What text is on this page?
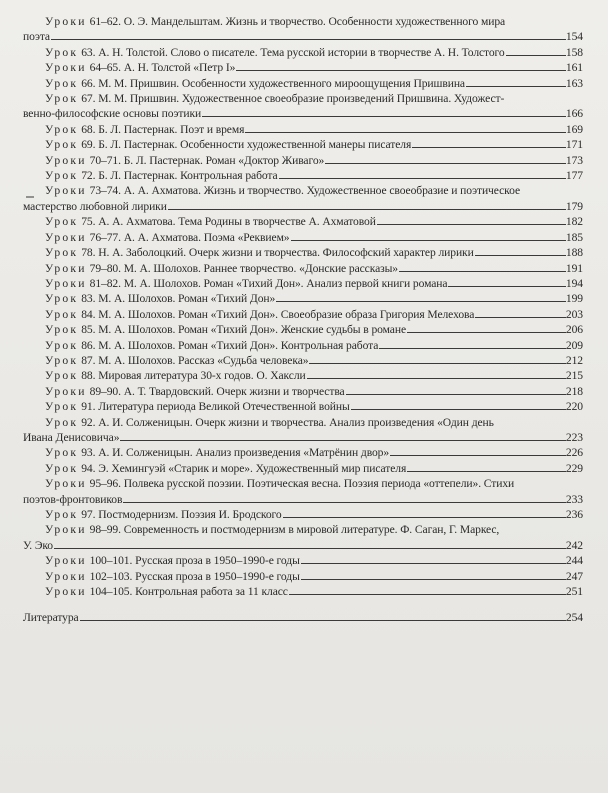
Уроки 61–62. О. Э. Мандельштам. Жизнь и творчество. Особенности художественного мира
поэта	154
Урок 63. А. Н. Толстой. Слово о писателе. Тема русской истории в творчестве А. Н. Толстого	158
Уроки 64–65. А. Н. Толстой «Петр I»	161
Урок 66. М. М. Пришвин. Особенности художественного мироощущения Пришвина	163
Урок 67. М. М. Пришвин. Художественное своеобразие произведений Пришвина. Художест-
венно-философские основы поэтики	166
Урок 68. Б. Л. Пастернак. Поэт и время	169
Урок 69. Б. Л. Пастернак. Особенности художественной манеры писателя	171
Уроки 70–71. Б. Л. Пастернак. Роман «Доктор Живаго»	173
Урок 72. Б. Л. Пастернак. Контрольная работа	177
Уроки 73–74. А. А. Ахматова. Жизнь и творчество. Художественное своеобразие и поэтическое
мастерство любовной лирики	179
Урок 75. А. А. Ахматова. Тема Родины в творчестве А. Ахматовой	182
Уроки 76–77. А. А. Ахматова. Поэма «Реквием»	185
Урок 78. Н. А. Заболоцкий. Очерк жизни и творчества. Философский характер лирики	188
Уроки 79–80. М. А. Шолохов. Раннее творчество. «Донские рассказы»	191
Уроки 81–82. М. А. Шолохов. Роман «Тихий Дон». Анализ первой книги романа	194
Урок 83. М. А. Шолохов. Роман «Тихий Дон»	199
Урок 84. М. А. Шолохов. Роман «Тихий Дон». Своеобразие образа Григория Мелехова	203
Урок 85. М. А. Шолохов. Роман «Тихий Дон». Женские судьбы в романе	206
Урок 86. М. А. Шолохов. Роман «Тихий Дон». Контрольная работа	209
Урок 87. М. А. Шолохов. Рассказ «Судьба человека»	212
Урок 88. Мировая литература 30-х годов. О. Хаксли	215
Уроки 89–90. А. Т. Твардовский. Очерк жизни и творчества	218
Урок 91. Литература периода Великой Отечественной войны	220
Урок 92. А. И. Солженицын. Очерк жизни и творчества. Анализ произведения «Один день
Ивана Денисовича»	223
Урок 93. А. И. Солженицын. Анализ произведения «Матрёнин двор»	226
Урок 94. Э. Хемингуэй «Старик и море». Художественный мир писателя	229
Уроки 95–96. Полвека русской поэзии. Поэтическая весна. Поэзия периода «оттепели». Стихи
поэтов-фронтовиков	233
Урок 97. Постмодернизм. Поэзия И. Бродского	236
Уроки 98–99. Современность и постмодернизм в мировой литературе. Ф. Саган, Г. Маркес,
У. Эко	242
Уроки 100–101. Русская проза в 1950–1990-е годы	244
Уроки 102–103. Русская проза в 1950–1990-е годы	247
Уроки 104–105. Контрольная работа за 11 класс	251
Литература	254
